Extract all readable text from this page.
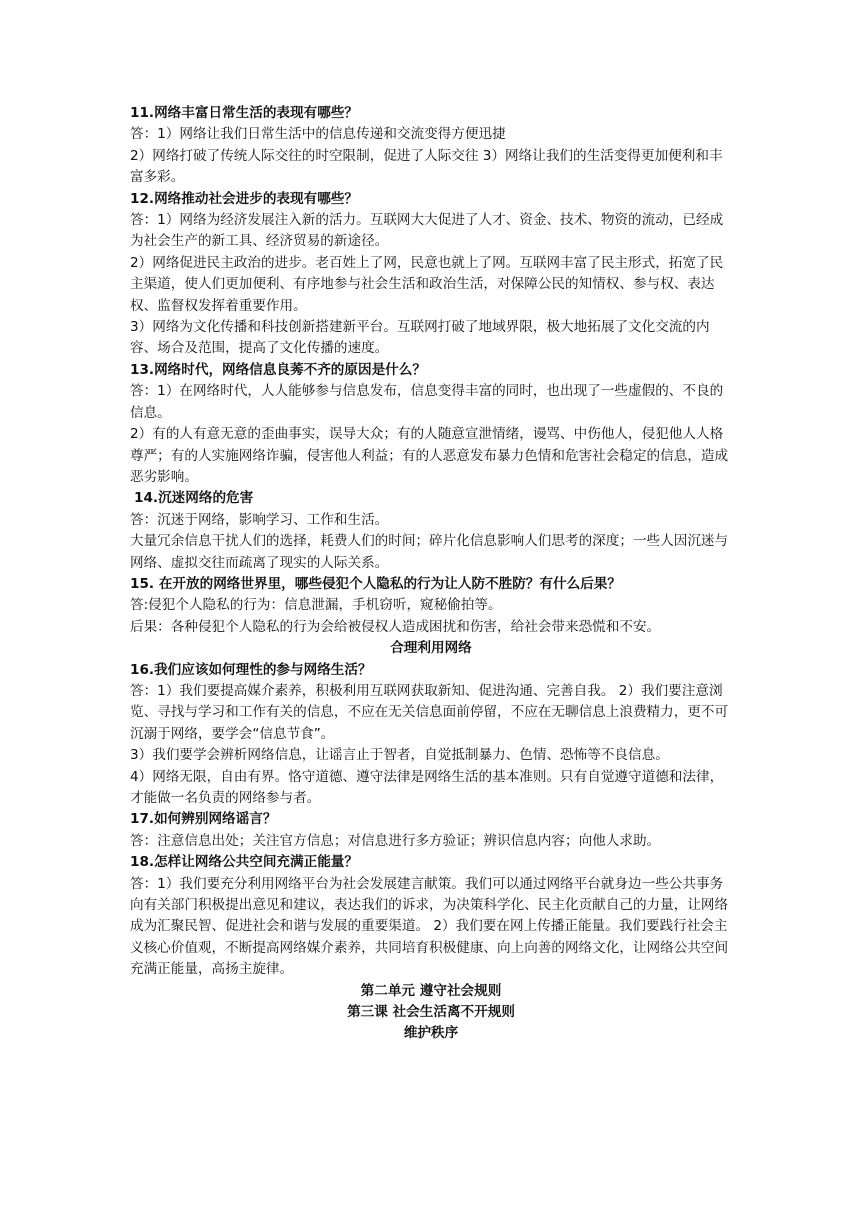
11.网络丰富日常生活的表现有哪些？

答：1）网络让我们日常生活中的信息传递和交流变得方便迅捷

2）网络打破了传统人际交往的时空限制，促进了人际交往 3）网络让我们的生活变得更加便利和丰富多彩。

12.网络推动社会进步的表现有哪些？

答：1）网络为经济发展注入新的活力。互联网大大促进了人才、资金、技术、物资的流动，已经成为社会生产的新工具、经济贸易的新途径。

2）网络促进民主政治的进步。老百姓上了网，民意也就上了网。互联网丰富了民主形式，拓宽了民主渠道，使人们更加便利、有序地参与社会生活和政治生活，对保障公民的知情权、参与权、表达权、监督权发挥着重要作用。

3）网络为文化传播和科技创新搭建新平台。互联网打破了地域界限，极大地拓展了文化交流的内容、场合及范围，提高了文化传播的速度。

13.网络时代，网络信息良莠不齐的原因是什么？

答：1）在网络时代，人人能够参与信息发布，信息变得丰富的同时，也出现了一些虚假的、不良的信息。

2）有的人有意无意的歪曲事实，误导大众；有的人随意宣泄情绪，谩骂、中伤他人，侵犯他人人格尊严；有的人实施网络诈骗，侵害他人利益；有的人恶意发布暴力色情和危害社会稳定的信息，造成恶劣影响。

14.沉迷网络的危害

答：沉迷于网络，影响学习、工作和生活。

大量冗余信息干扰人们的选择，耗费人们的时间；碎片化信息影响人们思考的深度；一些人因沉迷与网络、虚拟交往而疏离了现实的人际关系。

15. 在开放的网络世界里，哪些侵犯个人隐私的行为让人防不胜防？有什么后果？

答:侵犯个人隐私的行为：信息泄漏，手机窃听，窥秘偷拍等。

后果：各种侵犯个人隐私的行为会给被侵权人造成困扰和伤害，给社会带来恐慌和不安。

合理利用网络

16.我们应该如何理性的参与网络生活？

答：1）我们要提高媒介素养，积极利用互联网获取新知、促进沟通、完善自我。 2）我们要注意浏览、寻找与学习和工作有关的信息，不应在无关信息面前停留，不应在无聊信息上浪费精力，更不可沉溺于网络，要学会“信息节食”。

3）我们要学会辨析网络信息，让谣言止于智者，自觉抵制暴力、色情、恐怖等不良信息。

4）网络无限，自由有界。恪守道德、遵守法律是网络生活的基本准则。只有自觉遵守道德和法律，才能做一名负责的网络参与者。

17.如何辨别网络谣言？

答：注意信息出处；关注官方信息；对信息进行多方验证；辨识信息内容；向他人求助。

18.怎样让网络公共空间充满正能量？

答：1）我们要充分利用网络平台为社会发展建言献策。我们可以通过网络平台就身边一些公共事务向有关部门积极提出意见和建议，表达我们的诉求，为决策科学化、民主化贡献自己的力量，让网络成为汇聚民智、促进社会和谐与发展的重要渠道。 2）我们要在网上传播正能量。我们要践行社会主义核心价值观，不断提高网络媒介素养，共同培育积极健康、向上向善的网络文化，让网络公共空间充满正能量，高扬主旋律。

第二单元 遵守社会规则

第三课 社会生活离不开规则

维护秩序
